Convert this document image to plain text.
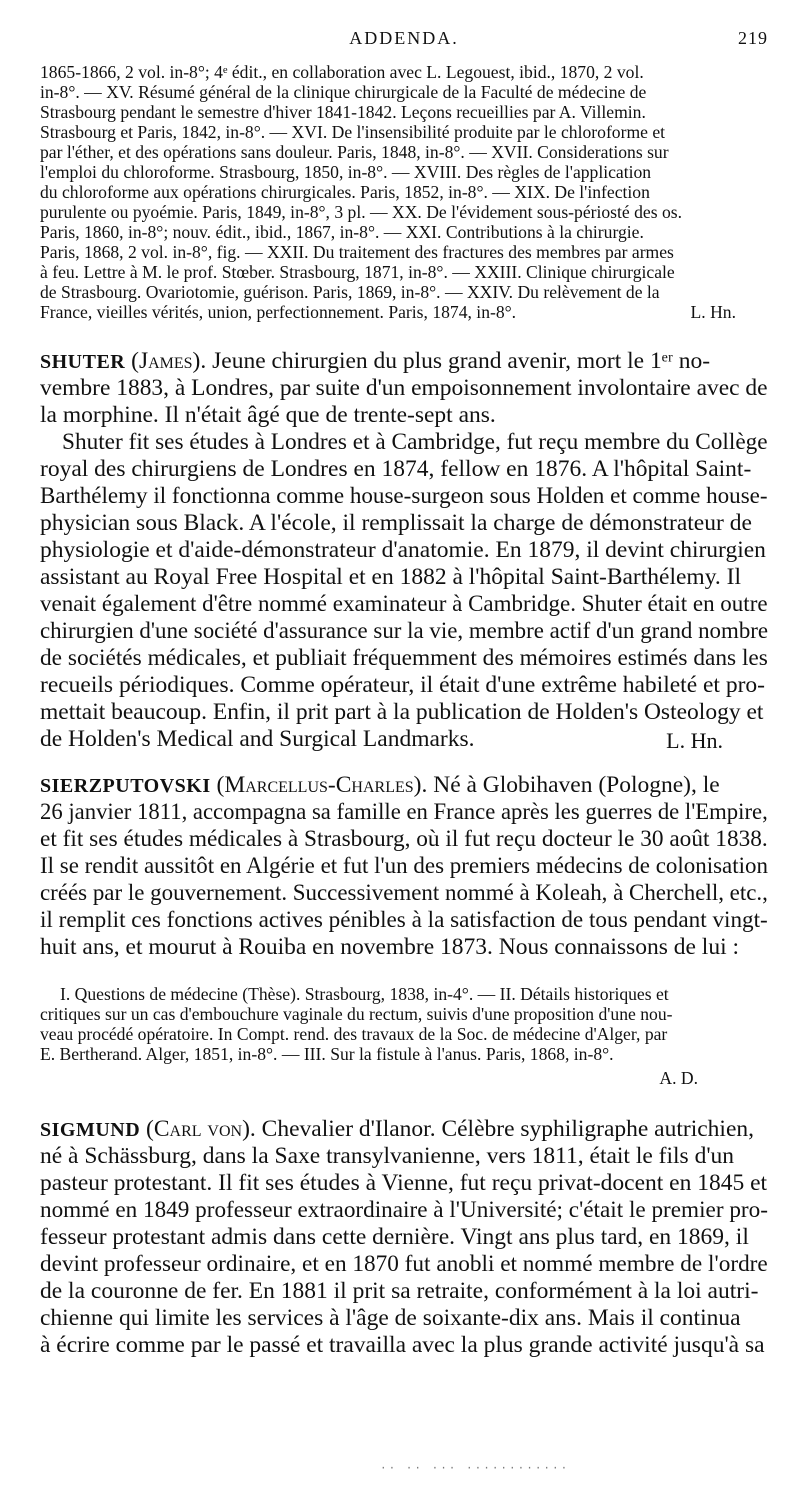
ADDENDA.	219
1865-1866, 2 vol. in-8°; 4ᵉ édit., en collaboration avec L. Legouest, ibid., 1870, 2 vol.
in-8°. — XV. Résumé général de la clinique chirurgicale de la Faculté de médecine de
Strasbourg pendant le semestre d'hiver 1841-1842. Leçons recueillies par A. Villemin.
Strasbourg et Paris, 1842, in-8°. — XVI. De l'insensibilité produite par le chloroforme et
par l'éther, et des opérations sans douleur. Paris, 1848, in-8°. — XVII. Considerations sur
l'emploi du chloroforme. Strasbourg, 1850, in-8°. — XVIII. Des règles de l'application
du chloroforme aux opérations chirurgicales. Paris, 1852, in-8°. — XIX. De l'infection
purulente ou pyoémie. Paris, 1849, in-8°, 3 pl. — XX. De l'évidement sous-périosté des os.
Paris, 1860, in-8°; nouv. édit., ibid., 1867, in-8°. — XXI. Contributions à la chirurgie.
Paris, 1868, 2 vol. in-8°, fig. — XXII. Du traitement des fractures des membres par armes
à feu. Lettre à M. le prof. Stœber. Strasbourg, 1871, in-8°. — XXIII. Clinique chirurgicale
de Strasbourg. Ovariotomie, guérison. Paris, 1869, in-8°. — XXIV. Du relèvement de la
France, vieilles vérités, union, perfectionnement. Paris, 1874, in-8°.	L. Hn.
SHUTER (James). Jeune chirurgien du plus grand avenir, mort le 1ᵉʳ no-
vembre 1883, à Londres, par suite d'un empoisonnement involontaire avec de
la morphine. Il n'était âgé que de trente-sept ans.
Shuter fit ses études à Londres et à Cambridge, fut reçu membre du Collège
royal des chirurgiens de Londres en 1874, fellow en 1876. A l'hôpital Saint-
Barthélemy il fonctionna comme house-surgeon sous Holden et comme house-
physician sous Black. A l'école, il remplissait la charge de démonstrateur de
physiologie et d'aide-démonstrateur d'anatomie. En 1879, il devint chirurgien
assistant au Royal Free Hospital et en 1882 à l'hôpital Saint-Barthélemy. Il
venait également d'être nommé examinateur à Cambridge. Shuter était en outre
chirurgien d'une société d'assurance sur la vie, membre actif d'un grand nombre
de sociétés médicales, et publiait fréquemment des mémoires estimés dans les
recueils périodiques. Comme opérateur, il était d'une extrême habileté et pro-
mettait beaucoup. Enfin, il prit part à la publication de Holden's Osteology et
de Holden's Medical and Surgical Landmarks.	L. Hn.
SIERZPUTOVSKI (Marcellus-Charles). Né à Globihaven (Pologne), le
26 janvier 1811, accompagna sa famille en France après les guerres de l'Empire,
et fit ses études médicales à Strasbourg, où il fut reçu docteur le 30 août 1838.
Il se rendit aussitôt en Algérie et fut l'un des premiers médecins de colonisation
créés par le gouvernement. Successivement nommé à Koleah, à Cherchell, etc.,
il remplit ces fonctions actives pénibles à la satisfaction de tous pendant vingt-
huit ans, et mourut à Rouiba en novembre 1873. Nous connaissons de lui :
I. Questions de médecine (Thèse). Strasbourg, 1838, in-4°. — II. Détails historiques et
critiques sur un cas d'embouchure vaginale du rectum, suivis d'une proposition d'une nou-
veau procédé opératoire. In Compt. rend. des travaux de la Soc. de médecine d'Alger, par
E. Bertherand. Alger, 1851, in-8°. — III. Sur la fistule à l'anus. Paris, 1868, in-8°.
A. D.
SIGMUND (Carl von). Chevalier d'Ilanor. Célèbre syphiligraphe autrichien,
né à Schässburg, dans la Saxe transylvanienne, vers 1811, était le fils d'un
pasteur protestant. Il fit ses études à Vienne, fut reçu privat-docent en 1845 et
nommé en 1849 professeur extraordinaire à l'Université; c'était le premier pro-
fesseur protestant admis dans cette dernière. Vingt ans plus tard, en 1869, il
devint professeur ordinaire, et en 1870 fut anobli et nommé membre de l'ordre
de la couronne de fer. En 1881 il prit sa retraite, conformément à la loi autri-
chienne qui limite les services à l'âge de soixante-dix ans. Mais il continua
à écrire comme par le passé et travailla avec la plus grande activité jusqu'à sa
·· ·· ··· ············
